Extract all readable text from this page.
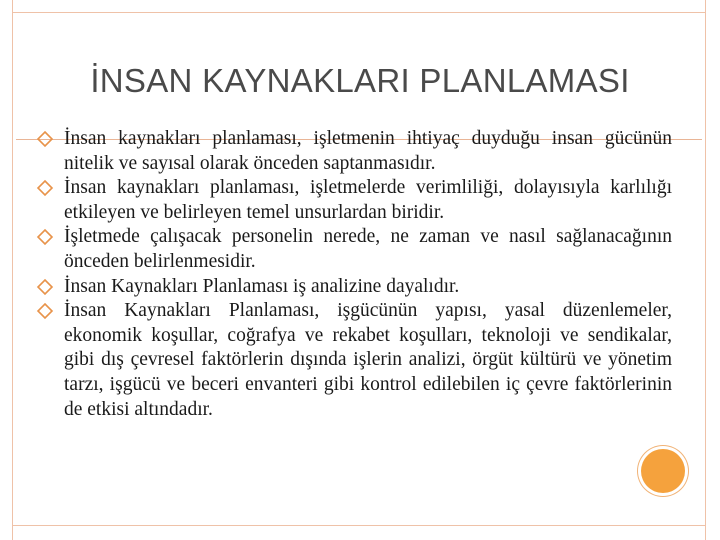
İNSAN KAYNAKLARI PLANLAMASI
İnsan kaynakları planlaması, işletmenin ihtiyaç duyduğu insan gücünün nitelik ve sayısal olarak önceden saptanmasıdır.
İnsan kaynakları planlaması, işletmelerde verimliliği, dolayısıyla karlılığı etkileyen ve belirleyen temel unsurlardan biridir.
İşletmede çalışacak personelin nerede, ne zaman ve nasıl sağlanacağının önceden belirlenmesidir.
İnsan Kaynakları Planlaması iş analizine dayalıdır.
İnsan Kaynakları Planlaması, işgücünün yapısı, yasal düzenlemeler, ekonomik koşullar, coğrafya ve rekabet koşulları, teknoloji ve sendikalar, gibi dış çevresel faktörlerin dışında işlerin analizi, örgüt kültürü ve yönetim tarzı, işgücü ve beceri envanteri gibi kontrol edilebilen iç çevre faktörlerinin de etkisi altındadır.
